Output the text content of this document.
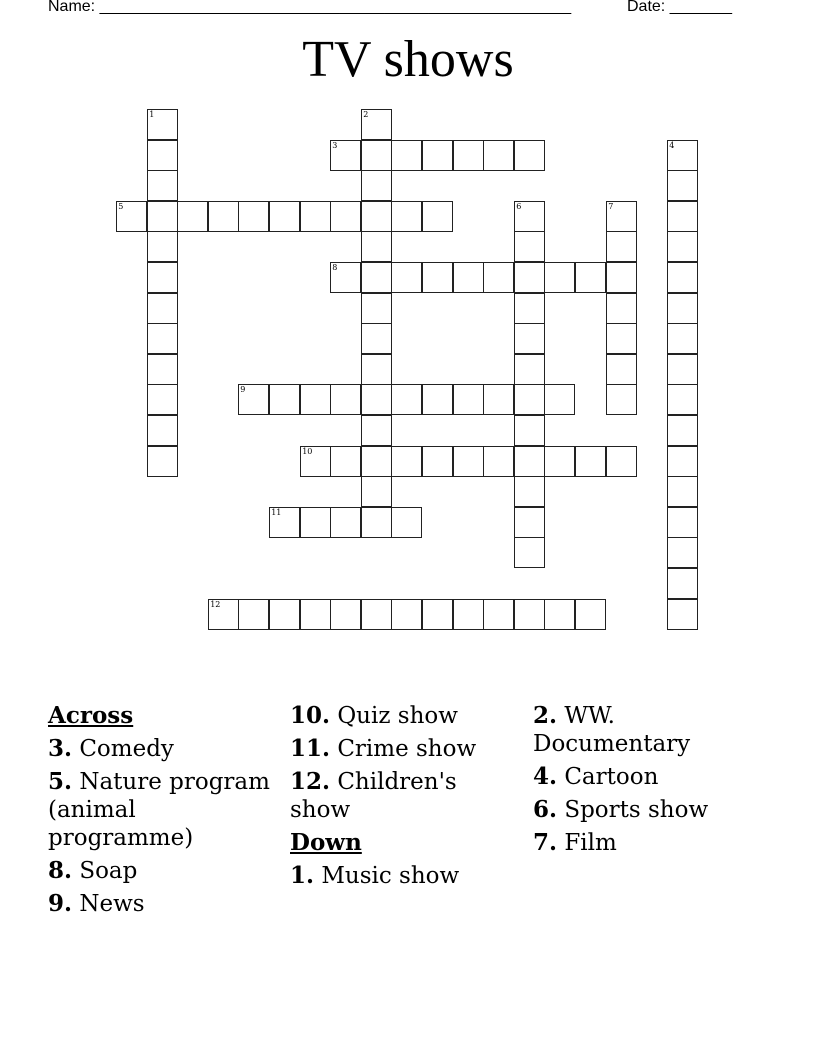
Name: _____________________________________________________	Date: _______
TV shows
1	2
3	4
5	6	7
8
9
10
11
12
Across
3. Comedy
5. Nature program (animal programme)
8. Soap
9. News
10. Quiz show
11. Crime show
12. Children's show
Down
1. Music show
2. WW. Documentary
4. Cartoon
6. Sports show
7. Film
